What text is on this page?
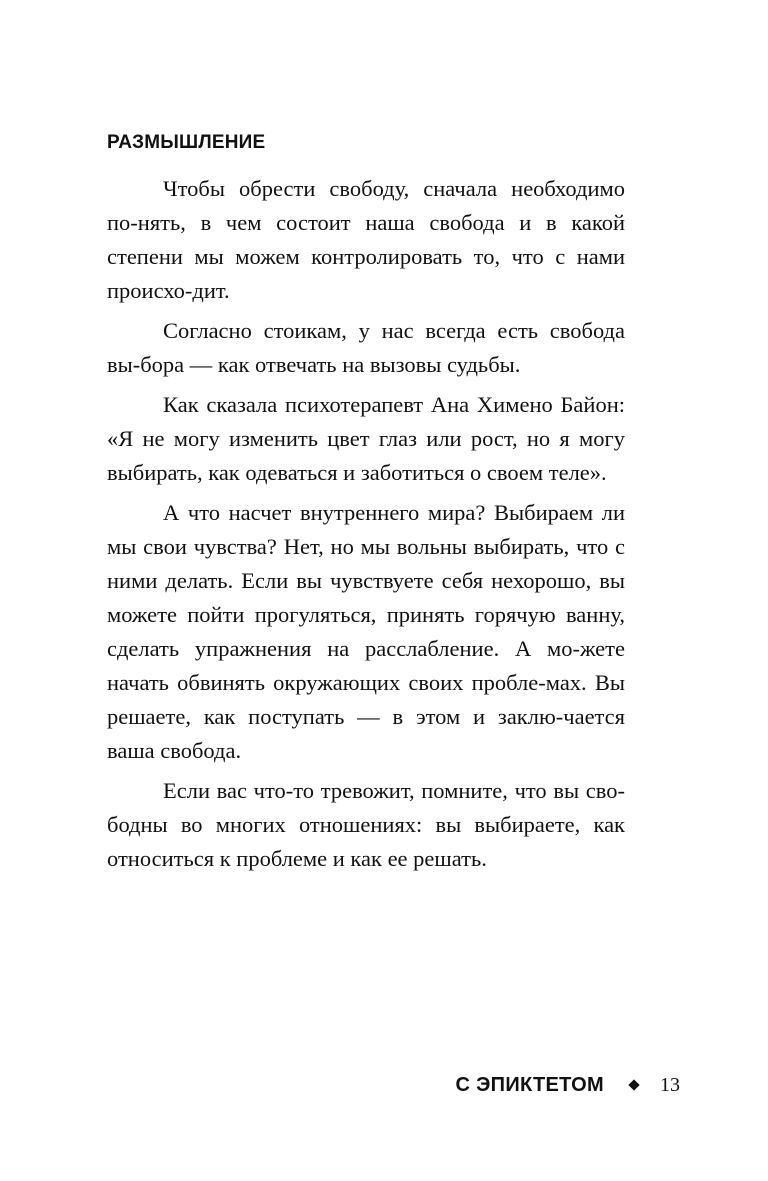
РАЗМЫШЛЕНИЕ

Чтобы обрести свободу, сначала необходимо по-нять, в чем состоит наша свобода и в какой степени мы можем контролировать то, что с нами происхо-дит.

Согласно стоикам, у нас всегда есть свобода вы-бора — как отвечать на вызовы судьбы.

Как сказала психотерапевт Ана Химено Байон: «Я не могу изменить цвет глаз или рост, но я могу выбирать, как одеваться и заботиться о своем теле».

А что насчет внутреннего мира? Выбираем ли мы свои чувства? Нет, но мы вольны выбирать, что с ними делать. Если вы чувствуете себя нехорошо, вы можете пойти прогуляться, принять горячую ванну, сделать упражнения на расслабление. А мо-жете начать обвинять окружающих своих пробле-мах. Вы решаете, как поступать — в этом и заклю-чается ваша свобода.

Если вас что-то тревожит, помните, что вы сво-бодны во многих отношениях: вы выбираете, как относиться к проблеме и как ее решать.

С ЭПИКТЕТОМ	13
